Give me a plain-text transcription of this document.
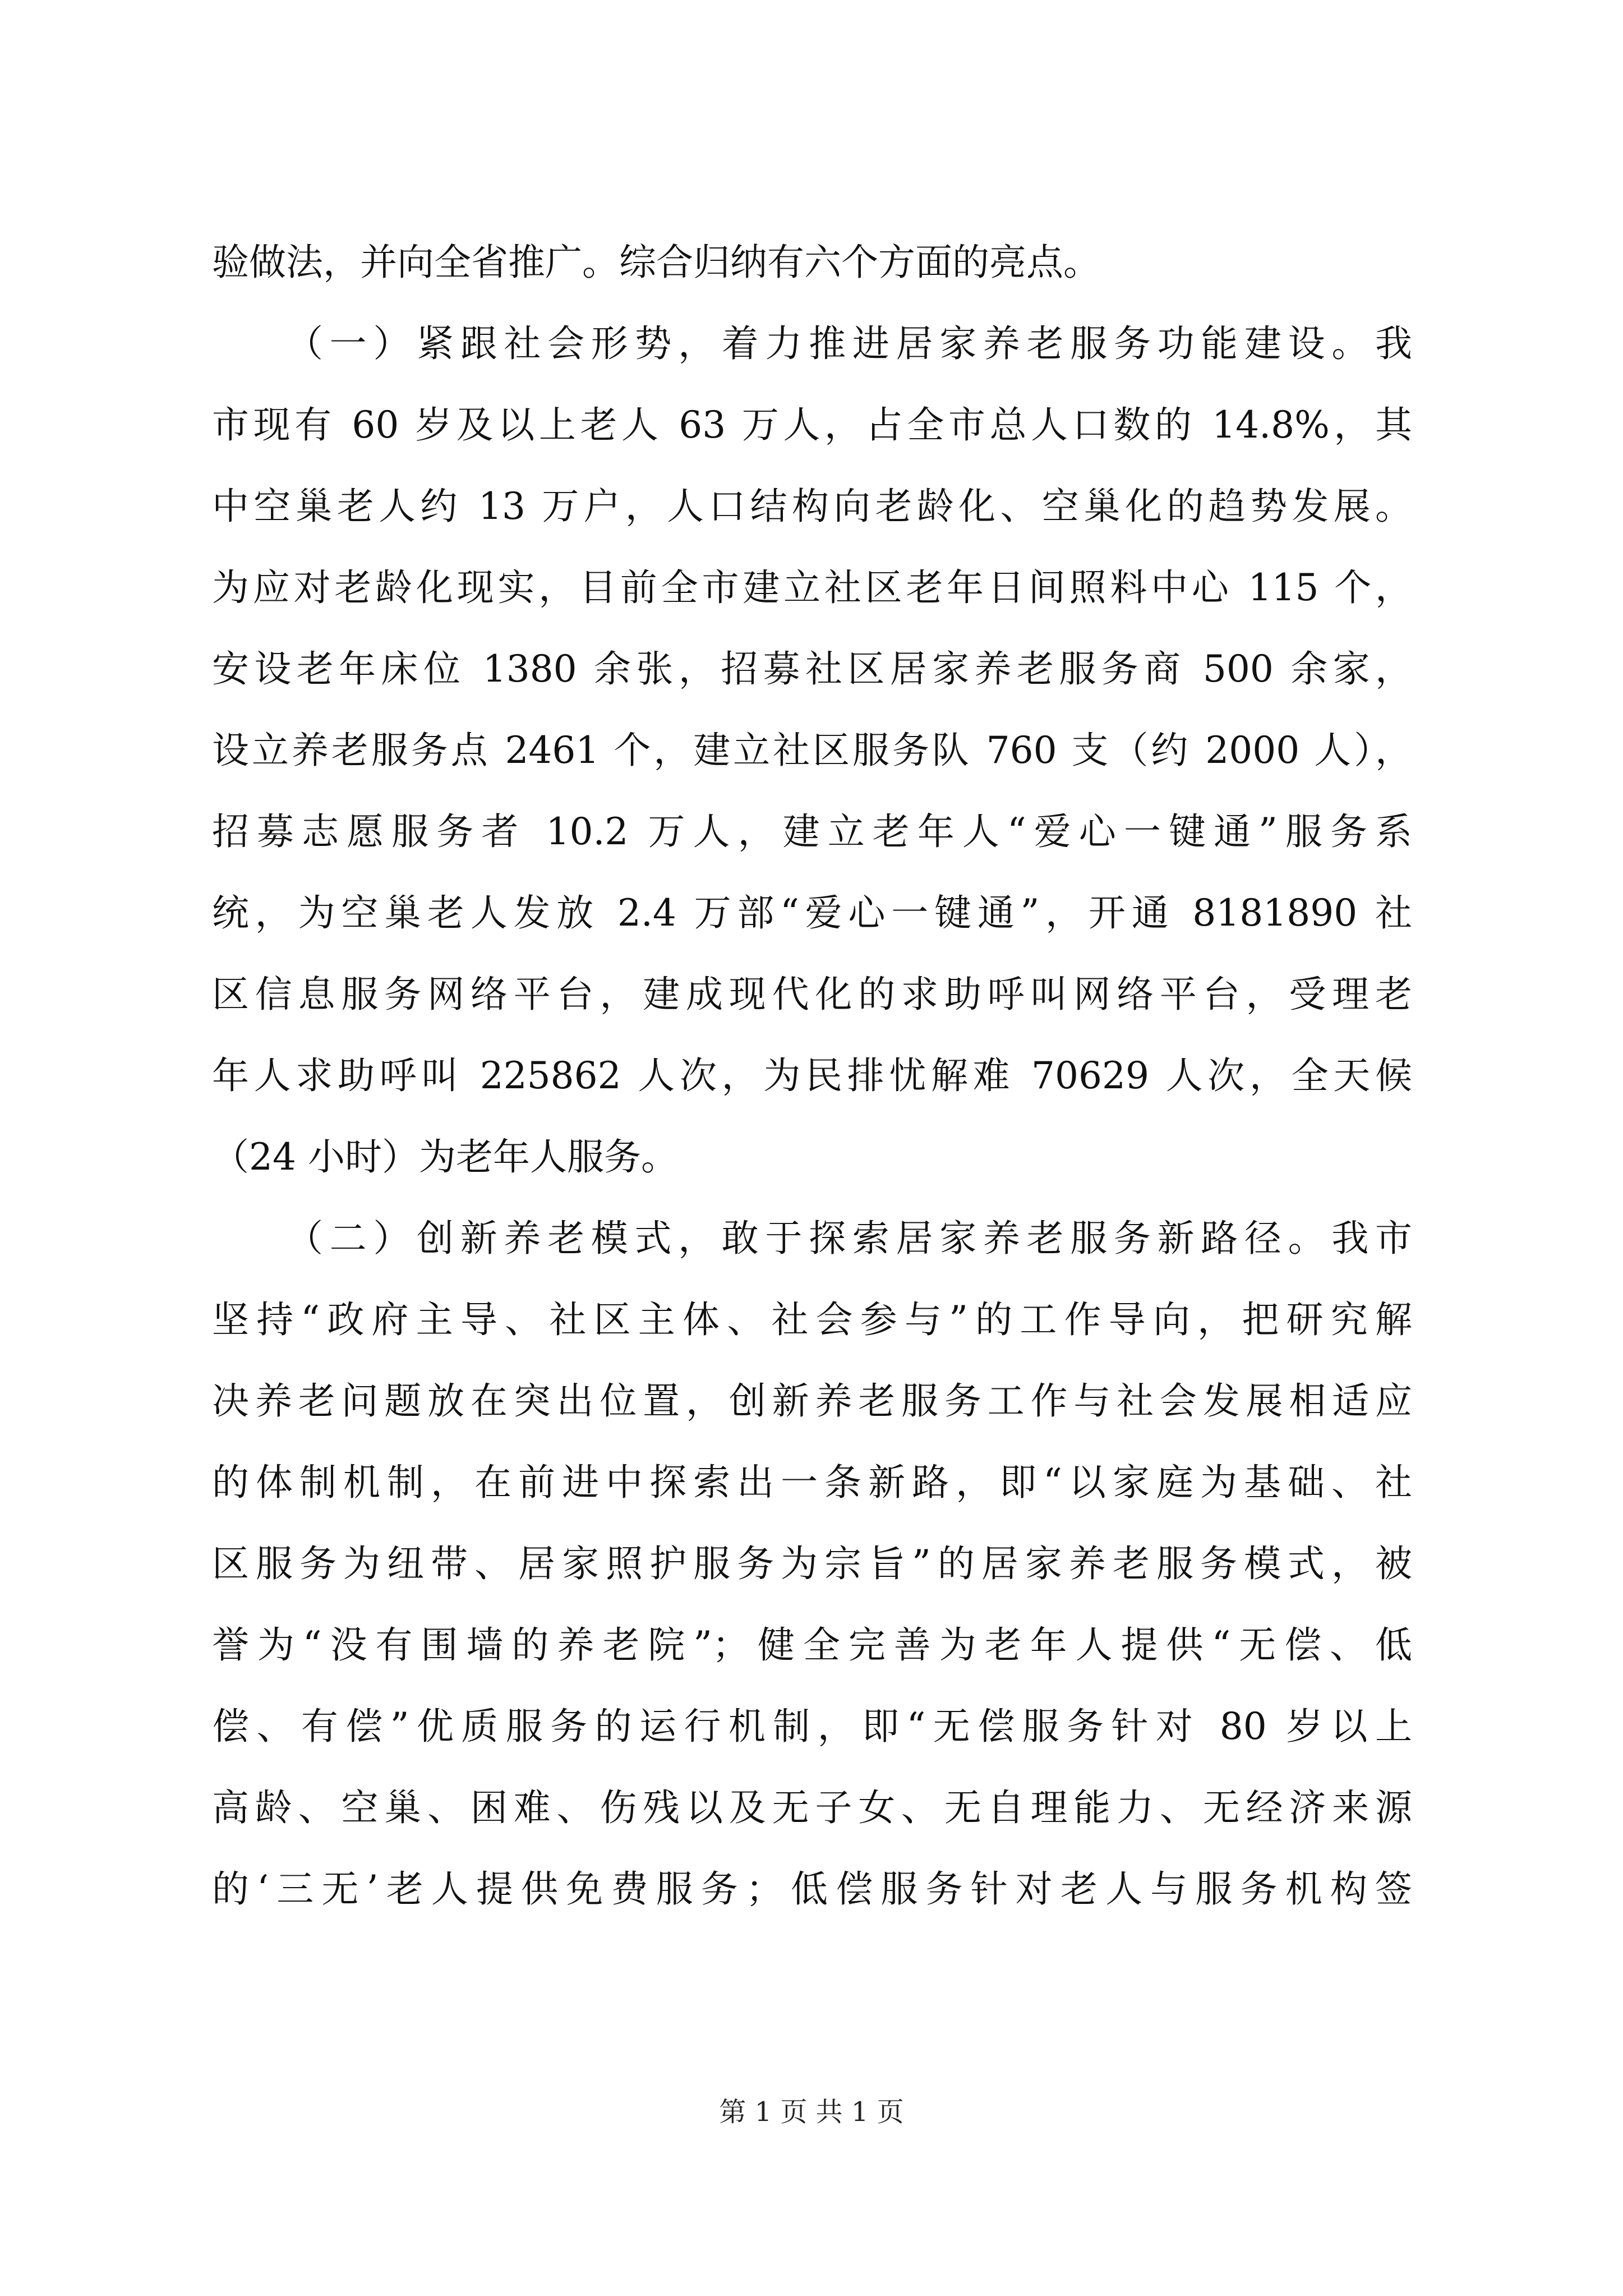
验做法，并向全省推广。综合归纳有六个方面的亮点。
（一）紧跟社会形势，着力推进居家养老服务功能建设。我
市现有 60 岁及以上老人 63 万人，占全市总人口数的 14.8%，其
中空巢老人约 13 万户，人口结构向老龄化、空巢化的趋势发展。
为应对老龄化现实，目前全市建立社区老年日间照料中心 115 个，
安设老年床位 1380 余张，招募社区居家养老服务商 500 余家，
设立养老服务点 2461 个，建立社区服务队 760 支（约 2000 人），
招募志愿服务者 10.2 万人，建立老年人“爱心一键通”服务系
统，为空巢老人发放 2.4 万部“爱心一键通”，开通 8181890 社
区信息服务网络平台，建成现代化的求助呼叫网络平台，受理老
年人求助呼叫 225862 人次，为民排忧解难 70629 人次，全天候
（24 小时）为老年人服务。
（二）创新养老模式，敢于探索居家养老服务新路径。我市
坚持“政府主导、社区主体、社会参与”的工作导向，把研究解
决养老问题放在突出位置，创新养老服务工作与社会发展相适应
的体制机制，在前进中探索出一条新路，即“以家庭为基础、社
区服务为纽带、居家照护服务为宗旨”的居家养老服务模式，被
誉为“没有围墙的养老院”；健全完善为老年人提供“无偿、低
偿、有偿”优质服务的运行机制，即“无偿服务针对 80 岁以上
高龄、空巢、困难、伤残以及无子女、无自理能力、无经济来源
的‘三无’老人提供免费服务；低偿服务针对老人与服务机构签
第 1 页 共 1 页
